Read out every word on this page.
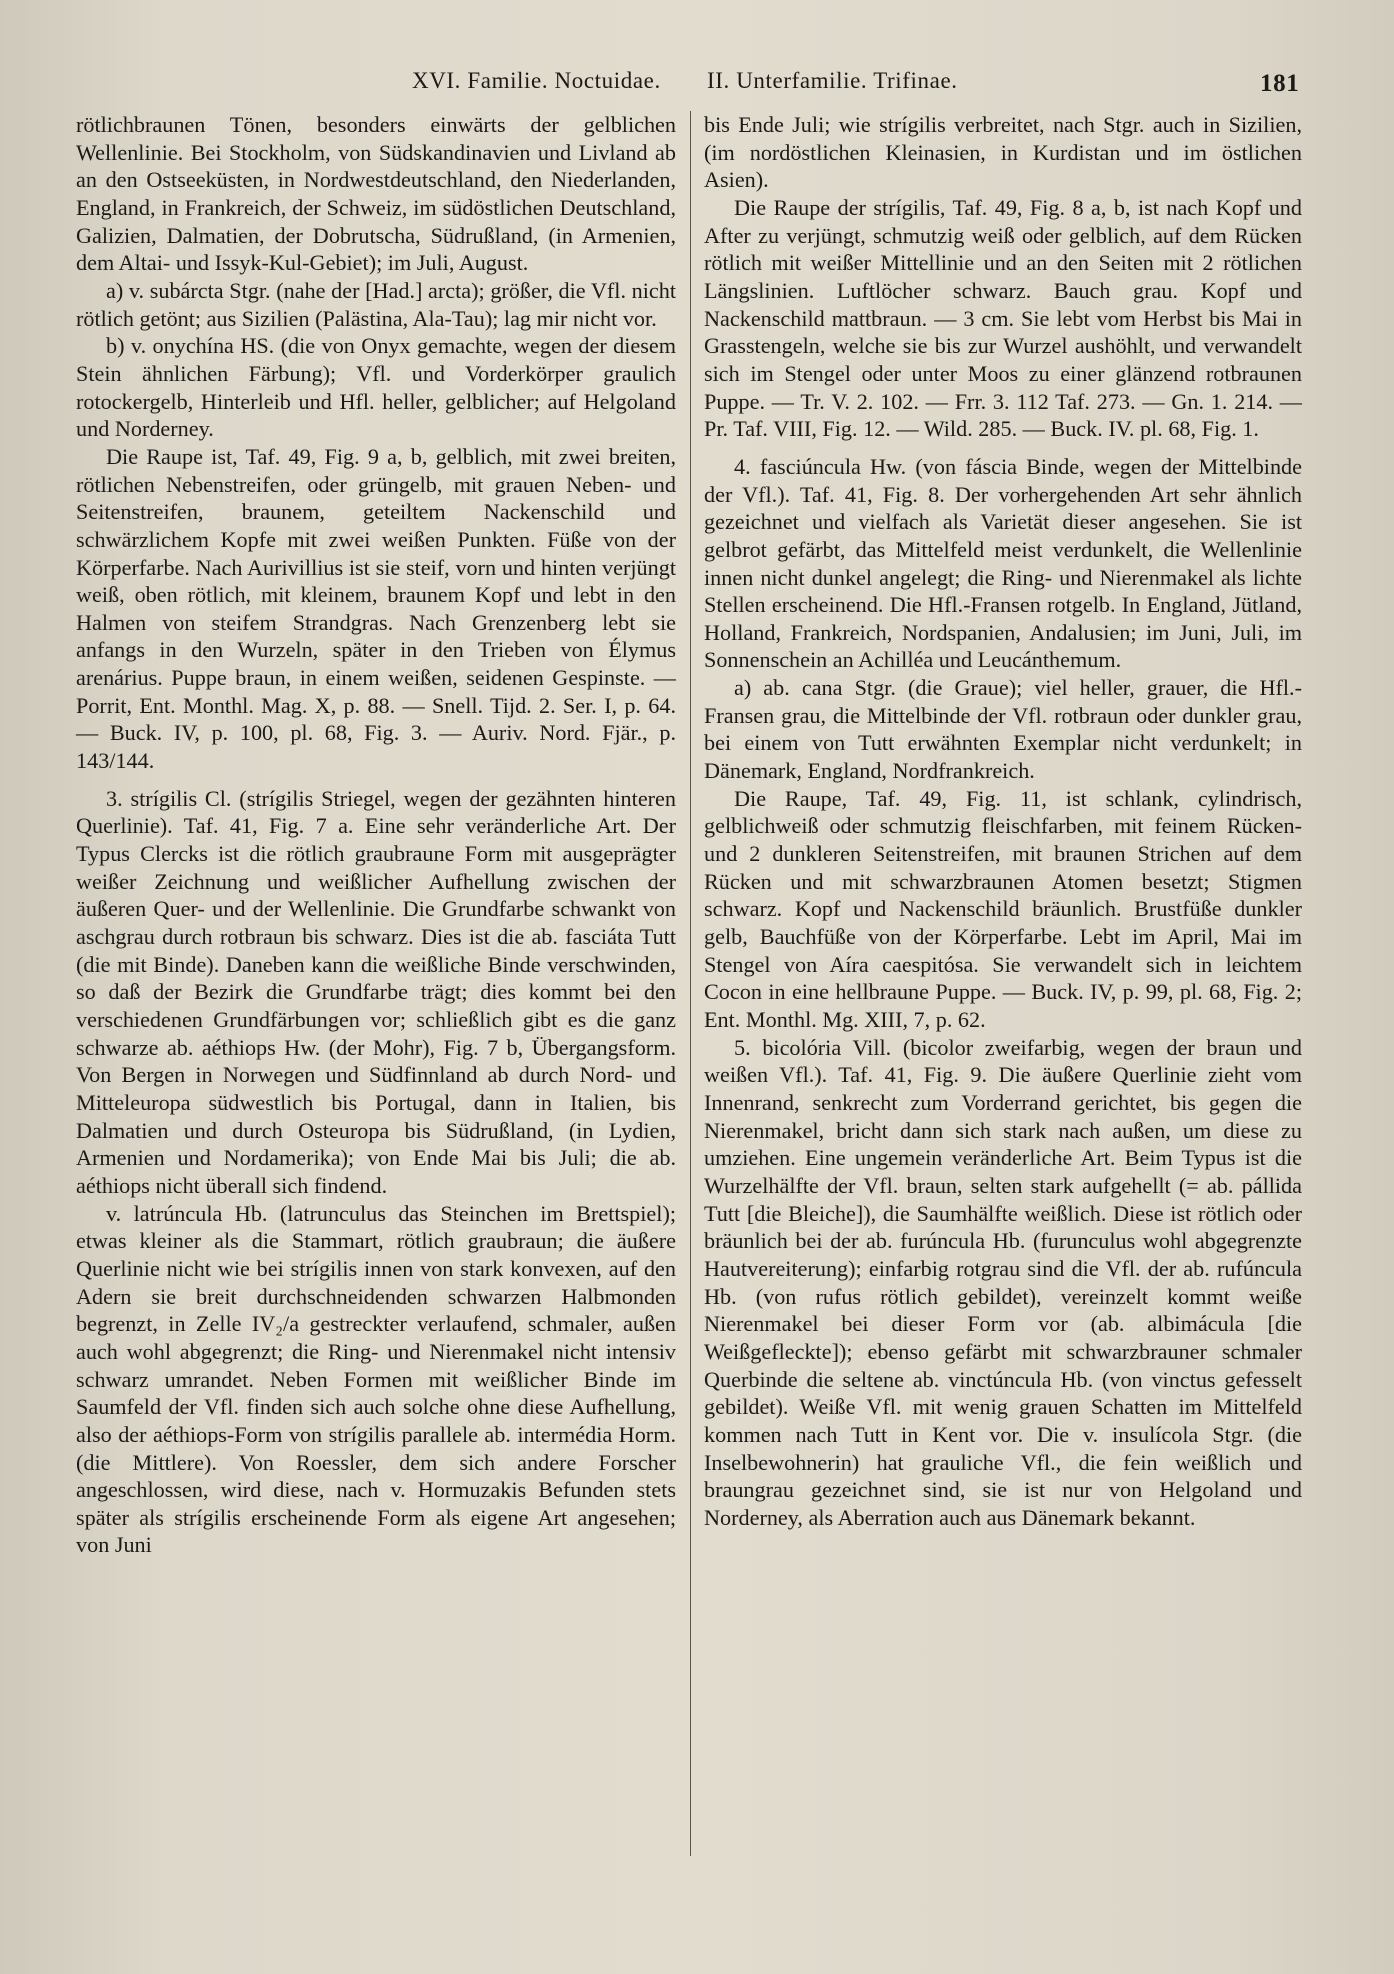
XVI. Familie. Noctuidae. II. Unterfamilie. Trifinae.	181

rötlichbraunen Tönen, besonders einwärts der gelblichen Wellenlinie. Bei Stockholm, von Südskandinavien und Livland ab an den Ostseeküsten, in Nordwestdeutschland, den Niederlanden, England, in Frankreich, der Schweiz, im südöstlichen Deutschland, Galizien, Dalmatien, der Dobrutscha, Südrußland, (in Armenien, dem Altai- und Issyk-Kul-Gebiet); im Juli, August.

a) v. subárcta Stgr. (nahe der [Had.] arcta); größer, die Vfl. nicht rötlich getönt; aus Sizilien (Palästina, Ala-Tau); lag mir nicht vor.

b) v. onychína HS. (die von Onyx gemachte, wegen der diesem Stein ähnlichen Färbung); Vfl. und Vorderkörper graulich rotockergelb, Hinterleib und Hfl. heller, gelblicher; auf Helgoland und Norderney.

Die Raupe ist, Taf. 49, Fig. 9 a, b, gelblich, mit zwei breiten, rötlichen Nebenstreifen, oder grüngelb, mit grauen Neben- und Seitenstreifen, braunem, geteiltem Nackenschild und schwärzlichem Kopfe mit zwei weißen Punkten. Füße von der Körperfarbe. Nach Aurivillius ist sie steif, vorn und hinten verjüngt weiß, oben rötlich, mit kleinem, braunem Kopf und lebt in den Halmen von steifem Strandgras. Nach Grenzenberg lebt sie anfangs in den Wurzeln, später in den Trieben von Élymus arenárius. Puppe braun, in einem weißen, seidenen Gespinste. — Porrit, Ent. Monthl. Mag. X, p. 88. — Snell. Tijd. 2. Ser. I, p. 64. — Buck. IV, p. 100, pl. 68, Fig. 3. — Auriv. Nord. Fjär., p. 143/144.

3. strígilis Cl. (strígilis Striegel, wegen der gezähnten hinteren Querlinie). Taf. 41, Fig. 7 a. Eine sehr veränderliche Art. Der Typus Clercks ist die rötlich graubraune Form mit ausgeprägter weißer Zeichnung und weißlicher Aufhellung zwischen der äußeren Quer- und der Wellenlinie. Die Grundfarbe schwankt von aschgrau durch rotbraun bis schwarz. Dies ist die ab. fasciáta Tutt (die mit Binde). Daneben kann die weißliche Binde verschwinden, so daß der Bezirk die Grundfarbe trägt; dies kommt bei den verschiedenen Grundfärbungen vor; schließlich gibt es die ganz schwarze ab. aéthiops Hw. (der Mohr), Fig. 7 b, Übergangsform. Von Bergen in Norwegen und Südfinnland ab durch Nord- und Mitteleuropa südwestlich bis Portugal, dann in Italien, bis Dalmatien und durch Osteuropa bis Südrußland, (in Lydien, Armenien und Nordamerika); von Ende Mai bis Juli; die ab. aéthiops nicht überall sich findend.

v. latrúncula Hb. (latrunculus das Steinchen im Brettspiel); etwas kleiner als die Stammart, rötlich graubraun; die äußere Querlinie nicht wie bei strígilis innen von stark konvexen, auf den Adern sie breit durchschneidenden schwarzen Halbmonden begrenzt, in Zelle IV₂/a gestreckter verlaufend, schmaler, außen auch wohl abgegrenzt; die Ring- und Nierenmakel nicht intensiv schwarz umrandet. Neben Formen mit weißlicher Binde im Saumfeld der Vfl. finden sich auch solche ohne diese Aufhellung, also der aéthiops-Form von strígilis parallele ab. intermédia Horm. (die Mittlere). Von Roessler, dem sich andere Forscher angeschlossen, wird diese, nach v. Hormuzakis Befunden stets später als strígilis erscheinende Form als eigene Art angesehen; von Juni

bis Ende Juli; wie strígilis verbreitet, nach Stgr. auch in Sizilien, (im nordöstlichen Kleinasien, in Kurdistan und im östlichen Asien).

Die Raupe der strígilis, Taf. 49, Fig. 8 a, b, ist nach Kopf und After zu verjüngt, schmutzig weiß oder gelblich, auf dem Rücken rötlich mit weißer Mittellinie und an den Seiten mit 2 rötlichen Längslinien. Luftlöcher schwarz. Bauch grau. Kopf und Nackenschild mattbraun. — 3 cm. Sie lebt vom Herbst bis Mai in Grasstengeln, welche sie bis zur Wurzel aushöhlt, und verwandelt sich im Stengel oder unter Moos zu einer glänzend rotbraunen Puppe. — Tr. V. 2. 102. — Frr. 3. 112 Taf. 273. — Gn. 1. 214. — Pr. Taf. VIII, Fig. 12. — Wild. 285. — Buck. IV. pl. 68, Fig. 1.

4. fasciúncula Hw. (von fáscia Binde, wegen der Mittelbinde der Vfl.). Taf. 41, Fig. 8. Der vorhergehenden Art sehr ähnlich gezeichnet und vielfach als Varietät dieser angesehen. Sie ist gelbrot gefärbt, das Mittelfeld meist verdunkelt, die Wellenlinie innen nicht dunkel angelegt; die Ring- und Nierenmakel als lichte Stellen erscheinend. Die Hfl.-Fransen rotgelb. In England, Jütland, Holland, Frankreich, Nordspanien, Andalusien; im Juni, Juli, im Sonnenschein an Achilléa und Leucánthemum.

a) ab. cana Stgr. (die Graue); viel heller, grauer, die Hfl.-Fransen grau, die Mittelbinde der Vfl. rotbraun oder dunkler grau, bei einem von Tutt erwähnten Exemplar nicht verdunkelt; in Dänemark, England, Nordfrankreich.

Die Raupe, Taf. 49, Fig. 11, ist schlank, cylindrisch, gelblichweiß oder schmutzig fleischfarben, mit feinem Rücken- und 2 dunkleren Seitenstreifen, mit braunen Strichen auf dem Rücken und mit schwarzbraunen Atomen besetzt; Stigmen schwarz. Kopf und Nackenschild bräunlich. Brustfüße dunkler gelb, Bauchfüße von der Körperfarbe. Lebt im April, Mai im Stengel von Aíra caespitósa. Sie verwandelt sich in leichtem Cocon in eine hellbraune Puppe. — Buck. IV, p. 99, pl. 68, Fig. 2; Ent. Monthl. Mg. XIII, 7, p. 62.

5. bicolória Vill. (bicolor zweifarbig, wegen der braun und weißen Vfl.). Taf. 41, Fig. 9. Die äußere Querlinie zieht vom Innenrand, senkrecht zum Vorderrand gerichtet, bis gegen die Nierenmakel, bricht dann sich stark nach außen, um diese zu umziehen. Eine ungemein veränderliche Art. Beim Typus ist die Wurzelhälfte der Vfl. braun, selten stark aufgehellt (= ab. pállida Tutt [die Bleiche]), die Saumhälfte weißlich. Diese ist rötlich oder bräunlich bei der ab. furúncula Hb. (furunculus wohl abgegrenzte Hautvereiterung); einfarbig rotgrau sind die Vfl. der ab. rufúncula Hb. (von rufus rötlich gebildet), vereinzelt kommt weiße Nierenmakel bei dieser Form vor (ab. albimácula [die Weißgefleckte]); ebenso gefärbt mit schwarzbrauner schmaler Querbinde die seltene ab. vinctúncula Hb. (von vinctus gefesselt gebildet). Weiße Vfl. mit wenig grauen Schatten im Mittelfeld kommen nach Tutt in Kent vor. Die v. insulícola Stgr. (die Inselbewohnerin) hat grauliche Vfl., die fein weißlich und braungrau gezeichnet sind, sie ist nur von Helgoland und Norderney, als Aberration auch aus Dänemark bekannt.
